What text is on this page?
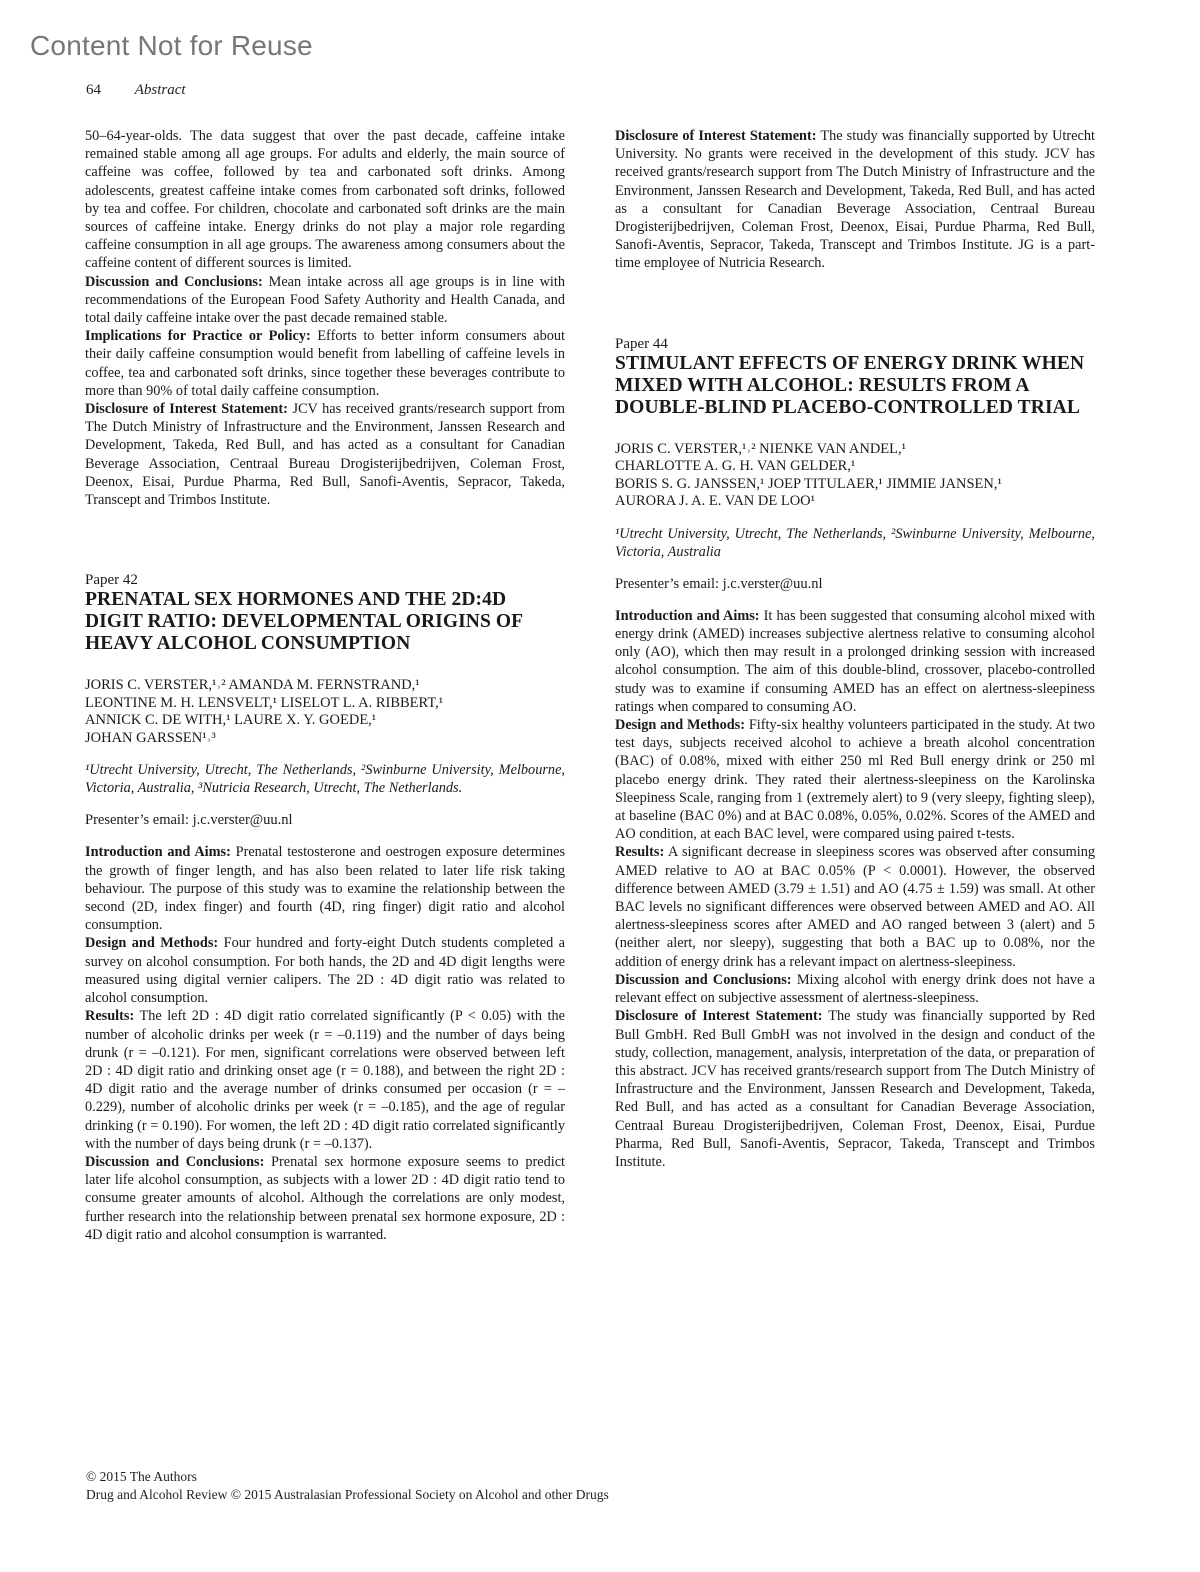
Content Not for Reuse
64 Abstract

50–64-year-olds. The data suggest that over the past decade, caffeine intake remained stable among all age groups. For adults and elderly, the main source of caffeine was coffee, followed by tea and carbonated soft drinks. Among adolescents, greatest caffeine intake comes from carbonated soft drinks, followed by tea and coffee. For children, chocolate and carbonated soft drinks are the main sources of caffeine intake. Energy drinks do not play a major role regarding caffeine consumption in all age groups. The awareness among consumers about the caffeine content of different sources is limited.

Discussion and Conclusions: Mean intake across all age groups is in line with recommendations of the European Food Safety Authority and Health Canada, and total daily caffeine intake over the past decade remained stable.

Implications for Practice or Policy: Efforts to better inform consumers about their daily caffeine consumption would benefit from labelling of caffeine levels in coffee, tea and carbonated soft drinks, since together these beverages contribute to more than 90% of total daily caffeine consumption.

Disclosure of Interest Statement: JCV has received grants/research support from The Dutch Ministry of Infrastructure and the Environment, Janssen Research and Development, Takeda, Red Bull, and has acted as a consultant for Canadian Beverage Association, Centraal Bureau Drogisterijbedrijven, Coleman Frost, Deenox, Eisai, Purdue Pharma, Red Bull, Sanofi-Aventis, Sepracor, Takeda, Transcept and Trimbos Institute.

Paper 42

PRENATAL SEX HORMONES AND THE 2D:4D DIGIT RATIO: DEVELOPMENTAL ORIGINS OF HEAVY ALCOHOL CONSUMPTION

JORIS C. VERSTER,¹˒² AMANDA M. FERNSTRAND,¹

LEONTINE M. H. LENSVELT,¹ LISELOT L. A. RIBBERT,¹

ANNICK C. DE WITH,¹ LAURE X. Y. GOEDE,¹

JOHAN GARSSEN¹˒³

¹Utrecht University, Utrecht, The Netherlands, ²Swinburne University, Melbourne, Victoria, Australia, ³Nutricia Research, Utrecht, The Netherlands.

Presenter’s email: j.c.verster@uu.nl

Introduction and Aims: Prenatal testosterone and oestrogen exposure determines the growth of finger length, and has also been related to later life risk taking behaviour. The purpose of this study was to examine the relationship between the second (2D, index finger) and fourth (4D, ring finger) digit ratio and alcohol consumption.

Design and Methods: Four hundred and forty-eight Dutch students completed a survey on alcohol consumption. For both hands, the 2D and 4D digit lengths were measured using digital vernier calipers. The 2D : 4D digit ratio was related to alcohol consumption.

Results: The left 2D : 4D digit ratio correlated significantly (P < 0.05) with the number of alcoholic drinks per week (r = –0.119) and the number of days being drunk (r = –0.121). For men, significant correlations were observed between left 2D : 4D digit ratio and drinking onset age (r = 0.188), and between the right 2D : 4D digit ratio and the average number of drinks consumed per occasion (r = –0.229), number of alcoholic drinks per week (r = –0.185), and the age of regular drinking (r = 0.190). For women, the left 2D : 4D digit ratio correlated significantly with the number of days being drunk (r = –0.137).

Discussion and Conclusions: Prenatal sex hormone exposure seems to predict later life alcohol consumption, as subjects with a lower 2D : 4D digit ratio tend to consume greater amounts of alcohol. Although the correlations are only modest, further research into the relationship between prenatal sex hormone exposure, 2D : 4D digit ratio and alcohol consumption is warranted.

Disclosure of Interest Statement: The study was financially supported by Utrecht University. No grants were received in the development of this study. JCV has received grants/research support from The Dutch Ministry of Infrastructure and the Environment, Janssen Research and Development, Takeda, Red Bull, and has acted as a consultant for Canadian Beverage Association, Centraal Bureau Drogisterijbedrijven, Coleman Frost, Deenox, Eisai, Purdue Pharma, Red Bull, Sanofi-Aventis, Sepracor, Takeda, Transcept and Trimbos Institute. JG is a part-time employee of Nutricia Research.

Paper 44

STIMULANT EFFECTS OF ENERGY DRINK WHEN MIXED WITH ALCOHOL: RESULTS FROM A DOUBLE-BLIND PLACEBO-CONTROLLED TRIAL

JORIS C. VERSTER,¹˒² NIENKE VAN ANDEL,¹

CHARLOTTE A. G. H. VAN GELDER,¹

BORIS S. G. JANSSEN,¹ JOEP TITULAER,¹ JIMMIE JANSEN,¹

AURORA J. A. E. VAN DE LOO¹

¹Utrecht University, Utrecht, The Netherlands, ²Swinburne University, Melbourne, Victoria, Australia

Presenter’s email: j.c.verster@uu.nl

Introduction and Aims: It has been suggested that consuming alcohol mixed with energy drink (AMED) increases subjective alertness relative to consuming alcohol only (AO), which then may result in a prolonged drinking session with increased alcohol consumption. The aim of this double-blind, crossover, placebo-controlled study was to examine if consuming AMED has an effect on alertness-sleepiness ratings when compared to consuming AO.

Design and Methods: Fifty-six healthy volunteers participated in the study. At two test days, subjects received alcohol to achieve a breath alcohol concentration (BAC) of 0.08%, mixed with either 250 ml Red Bull energy drink or 250 ml placebo energy drink. They rated their alertness-sleepiness on the Karolinska Sleepiness Scale, ranging from 1 (extremely alert) to 9 (very sleepy, fighting sleep), at baseline (BAC 0%) and at BAC 0.08%, 0.05%, 0.02%. Scores of the AMED and AO condition, at each BAC level, were compared using paired t-tests.

Results: A significant decrease in sleepiness scores was observed after consuming AMED relative to AO at BAC 0.05% (P < 0.0001). However, the observed difference between AMED (3.79 ± 1.51) and AO (4.75 ± 1.59) was small. At other BAC levels no significant differences were observed between AMED and AO. All alertness-sleepiness scores after AMED and AO ranged between 3 (alert) and 5 (neither alert, nor sleepy), suggesting that both a BAC up to 0.08%, nor the addition of energy drink has a relevant impact on alertness-sleepiness.

Discussion and Conclusions: Mixing alcohol with energy drink does not have a relevant effect on subjective assessment of alertness-sleepiness.

Disclosure of Interest Statement: The study was financially supported by Red Bull GmbH. Red Bull GmbH was not involved in the design and conduct of the study, collection, management, analysis, interpretation of the data, or preparation of this abstract. JCV has received grants/research support from The Dutch Ministry of Infrastructure and the Environment, Janssen Research and Development, Takeda, Red Bull, and has acted as a consultant for Canadian Beverage Association, Centraal Bureau Drogisterijbedrijven, Coleman Frost, Deenox, Eisai, Purdue Pharma, Red Bull, Sanofi-Aventis, Sepracor, Takeda, Transcept and Trimbos Institute.

© 2015 The Authors
Drug and Alcohol Review © 2015 Australasian Professional Society on Alcohol and other Drugs
